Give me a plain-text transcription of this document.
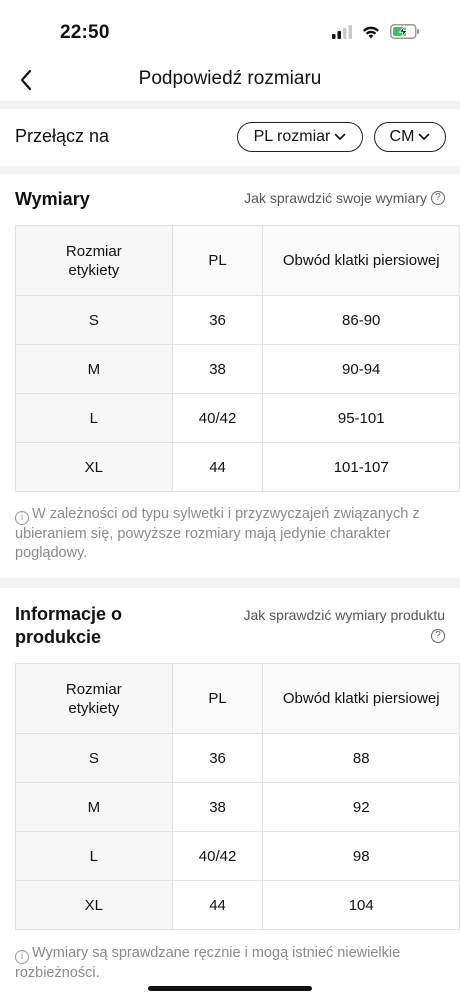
22:50
Podpowiedź rozmiaru
Przełącz na	PL rozmiar	CM
Wymiary	Jak sprawdzić swoje wymiary ?
Rozmiar
etykiety	PL	Obwód klatki piersiowej
S	36	86-90
M	38	90-94
L	40/42	95-101
XL	44	101-107
i W zależności od typu sylwetki i przyzwyczajeń związanych z ubieraniem się, powyższe rozmiary mają jedynie charakter poglądowy.
Informacje o
produkcie
Jak sprawdzić wymiary produktu
?
Rozmiar
etykiety	PL	Obwód klatki piersiowej
S	36	88
M	38	92
L	40/42	98
XL	44	104
i Wymiary są sprawdzane ręcznie i mogą istnieć niewielkie rozbieżności.
